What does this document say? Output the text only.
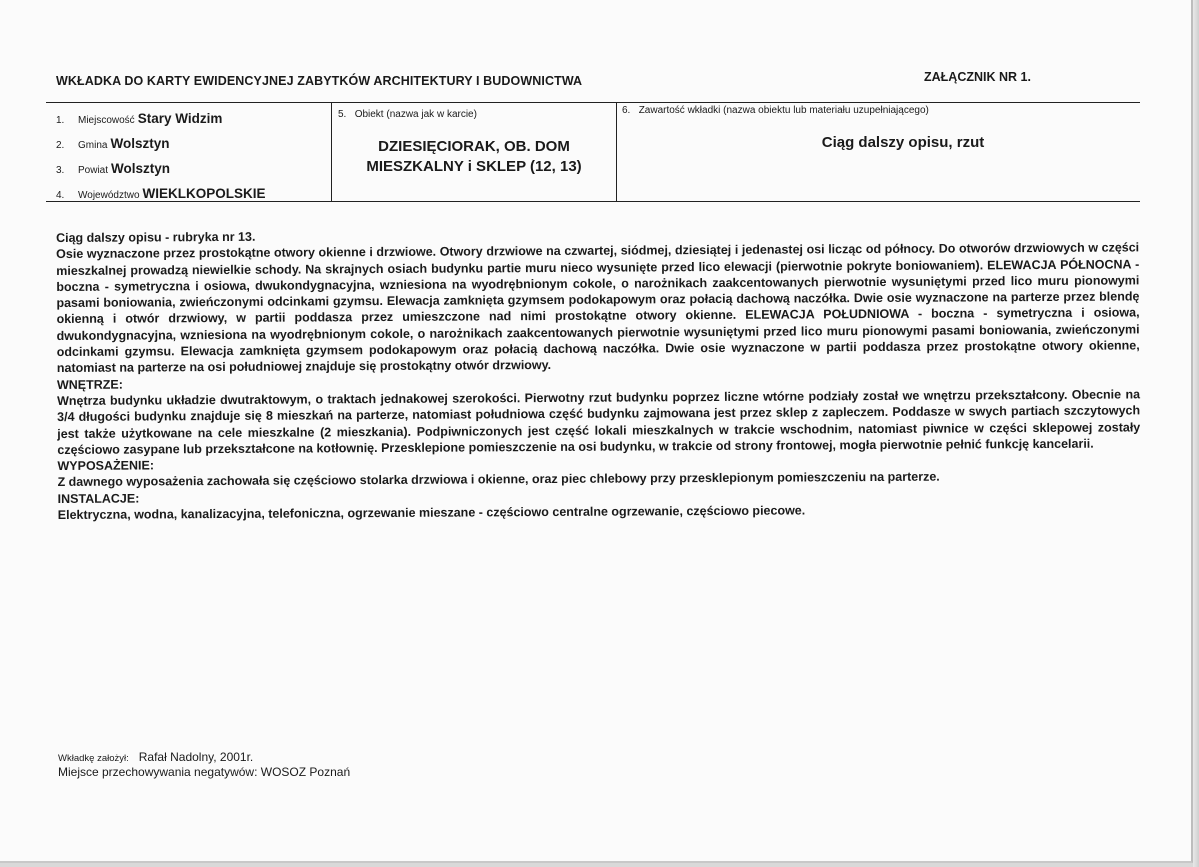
WKŁADKA DO KARTY EWIDENCYJNEJ ZABYTKÓW ARCHITEKTURY I BUDOWNICTWA	ZAŁĄCZNIK NR 1.
1. Miejscowość Stary Widzim
2. Gmina Wolsztyn
3. Powiat Wolsztyn
4. Województwo WIEKLKOPOLSKIE
5. Obiekt (nazwa jak w karcie)
DZIESIĘCIORAK, OB. DOM
MIESZKALNY i SKLEP (12, 13)
6. Zawartość wkładki (nazwa obiektu lub materiału uzupełniającego)
Ciąg dalszy opisu, rzut
Ciąg dalszy opisu - rubryka nr 13.

Osie wyznaczone przez prostokątne otwory okienne i drzwiowe. Otwory drzwiowe na czwartej, siódmej, dziesiątej i jedenastej osi licząc od północy. Do otworów drzwiowych w części mieszkalnej prowadzą niewielkie schody. Na skrajnych osiach budynku partie muru nieco wysunięte przed lico elewacji (pierwotnie pokryte boniowaniem). ELEWACJA PÓŁNOCNA - boczna - symetryczna i osiowa, dwukondygnacyjna, wzniesiona na wyodrębnionym cokole, o narożnikach zaakcentowanych pierwotnie wysuniętymi przed lico muru pionowymi pasami boniowania, zwieńczonymi odcinkami gzymsu. Elewacja zamknięta gzymsem podokapowym oraz połacią dachową naczółka. Dwie osie wyznaczone na parterze przez blendę okienną i otwór drzwiowy, w partii poddasza przez umieszczone nad nimi prostokątne otwory okienne. ELEWACJA POŁUDNIOWA - boczna - symetryczna i osiowa, dwukondygnacyjna, wzniesiona na wyodrębnionym cokole, o narożnikach zaakcentowanych pierwotnie wysuniętymi przed lico muru pionowymi pasami boniowania, zwieńczonymi odcinkami gzymsu. Elewacja zamknięta gzymsem podokapowym oraz połacią dachową naczółka. Dwie osie wyznaczone w partii poddasza przez prostokątne otwory okienne, natomiast na parterze na osi południowej znajduje się prostokątny otwór drzwiowy.

WNĘTRZE:

Wnętrza budynku układzie dwutraktowym, o traktach jednakowej szerokości. Pierwotny rzut budynku poprzez liczne wtórne podziały został we wnętrzu przekształcony. Obecnie na 3/4 długości budynku znajduje się 8 mieszkań na parterze, natomiast południowa część budynku zajmowana jest przez sklep z zapleczem. Poddasze w swych partiach szczytowych jest także użytkowane na cele mieszkalne (2 mieszkania). Podpiwniczonych jest część lokali mieszkalnych w trakcie wschodnim, natomiast piwnice w części sklepowej zostały częściowo zasypane lub przekształcone na kotłownię. Przesklepione pomieszczenie na osi budynku, w trakcie od strony frontowej, mogła pierwotnie pełnić funkcję kancelarii.

WYPOSAŻENIE:

Z dawnego wyposażenia zachowała się częściowo stolarka drzwiowa i okienne, oraz piec chlebowy przy przesklepionym pomieszczeniu na parterze.

INSTALACJE:

Elektryczna, wodna, kanalizacyjna, telefoniczna, ogrzewanie mieszane - częściowo centralne ogrzewanie, częściowo piecowe.

Wkładkę założył: Rafał Nadolny, 2001r.
Miejsce przechowywania negatywów: WOSOZ Poznań
